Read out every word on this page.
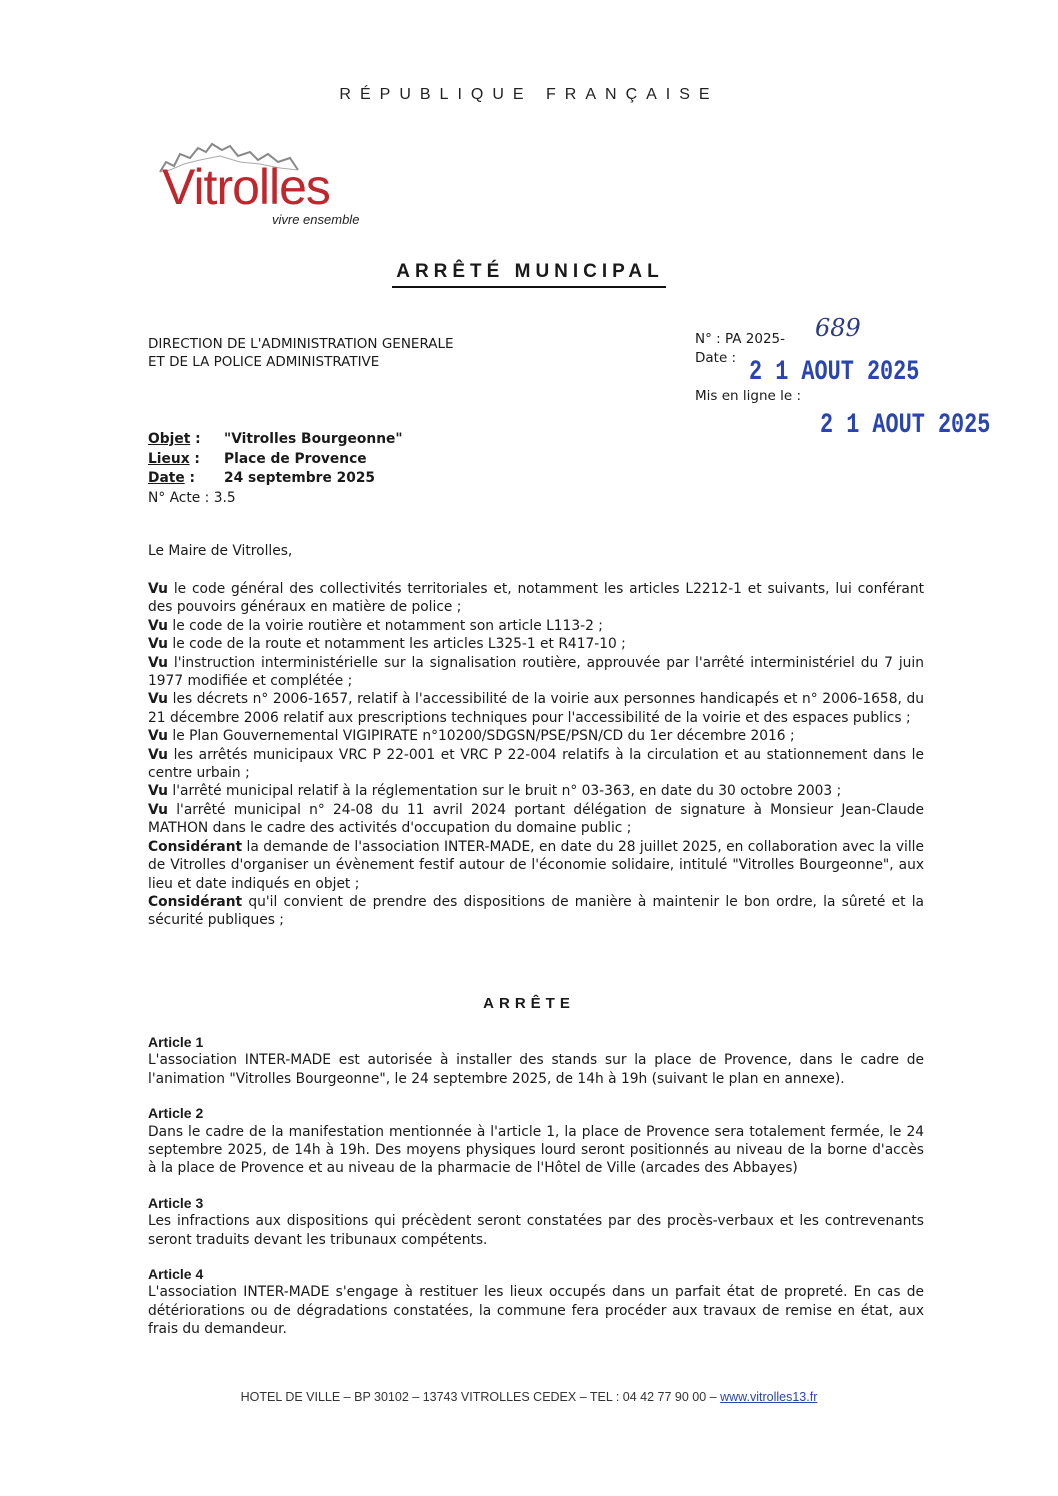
RÉPUBLIQUE FRANÇAISE
Vitrolles
vivre ensemble
ARRÊTÉ MUNICIPAL
DIRECTION DE L'ADMINISTRATION GENERALE
ET DE LA POLICE ADMINISTRATIVE
N° : PA 2025-
Date :
Mis en ligne le :
689
2 1 AOUT 2025
2 1 AOUT 2025
Objet : "Vitrolles Bourgeonne"
Lieux : Place de Provence
Date : 24 septembre 2025
N° Acte : 3.5
Le Maire de Vitrolles,

Vu le code général des collectivités territoriales et, notamment les articles L2212-1 et suivants, lui conférant des pouvoirs généraux en matière de police ;

Vu le code de la voirie routière et notamment son article L113-2 ;

Vu le code de la route et notamment les articles L325-1 et R417-10 ;

Vu l'instruction interministérielle sur la signalisation routière, approuvée par l'arrêté interministériel du 7 juin 1977 modifiée et complétée ;

Vu les décrets n° 2006-1657, relatif à l'accessibilité de la voirie aux personnes handicapés et n° 2006-1658, du 21 décembre 2006 relatif aux prescriptions techniques pour l'accessibilité de la voirie et des espaces publics ;

Vu le Plan Gouvernemental VIGIPIRATE n°10200/SDGSN/PSE/PSN/CD du 1er décembre 2016 ;

Vu les arrêtés municipaux VRC P 22-001 et VRC P 22-004 relatifs à la circulation et au stationnement dans le centre urbain ;

Vu l'arrêté municipal relatif à la réglementation sur le bruit n° 03-363, en date du 30 octobre 2003 ;

Vu l'arrêté municipal n° 24-08 du 11 avril 2024 portant délégation de signature à Monsieur Jean-Claude MATHON dans le cadre des activités d'occupation du domaine public ;

Considérant la demande de l'association INTER-MADE, en date du 28 juillet 2025, en collaboration avec la ville de Vitrolles d'organiser un évènement festif autour de l'économie solidaire, intitulé "Vitrolles Bourgeonne", aux lieu et date indiqués en objet ;

Considérant qu'il convient de prendre des dispositions de manière à maintenir le bon ordre, la sûreté et la sécurité publiques ;

ARRÊTE
Article 1

L'association INTER-MADE est autorisée à installer des stands sur la place de Provence, dans le cadre de l'animation "Vitrolles Bourgeonne", le 24 septembre 2025, de 14h à 19h (suivant le plan en annexe).

Article 2

Dans le cadre de la manifestation mentionnée à l'article 1, la place de Provence sera totalement fermée, le 24 septembre 2025, de 14h à 19h. Des moyens physiques lourd seront positionnés au niveau de la borne d'accès à la place de Provence et au niveau de la pharmacie de l'Hôtel de Ville (arcades des Abbayes)

Article 3

Les infractions aux dispositions qui précèdent seront constatées par des procès-verbaux et les contrevenants seront traduits devant les tribunaux compétents.

Article 4

L'association INTER-MADE s'engage à restituer les lieux occupés dans un parfait état de propreté. En cas de détériorations ou de dégradations constatées, la commune fera procéder aux travaux de remise en état, aux frais du demandeur.

HOTEL DE VILLE – BP 30102 – 13743 VITROLLES CEDEX – TEL : 04 42 77 90 00 – www.vitrolles13.fr
